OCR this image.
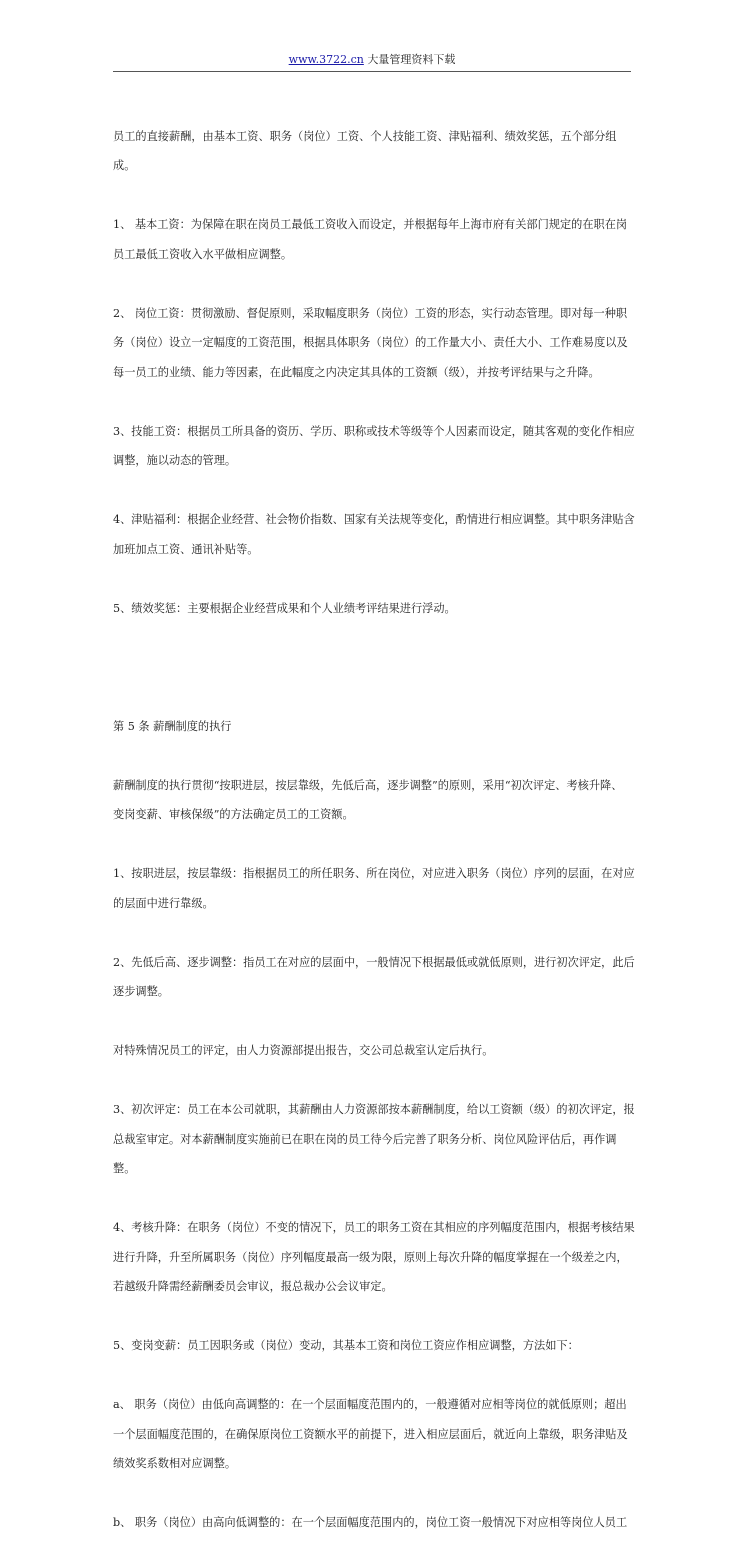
www.3722.cn 大量管理资料下载

员工的直接薪酬，由基本工资、职务（岗位）工资、个人技能工资、津贴福利、绩效奖惩，五个部分组成。

1、 基本工资：为保障在职在岗员工最低工资收入而设定，并根据每年上海市府有关部门规定的在职在岗
员工最低工资收入水平做相应调整。

2、 岗位工资：贯彻激励、督促原则，采取幅度职务（岗位）工资的形态，实行动态管理。即对每一种职
务（岗位）设立一定幅度的工资范围，根据具体职务（岗位）的工作量大小、责任大小、工作难易度以及
每一员工的业绩、能力等因素，在此幅度之内决定其具体的工资额（级），并按考评结果与之升降。

3、技能工资：根据员工所具备的资历、学历、职称或技术等级等个人因素而设定，随其客观的变化作相应
调整，施以动态的管理。

4、津贴福利：根据企业经营、社会物价指数、国家有关法规等变化，酌情进行相应调整。其中职务津贴含
加班加点工资、通讯补贴等。

5、绩效奖惩：主要根据企业经营成果和个人业绩考评结果进行浮动。

第 5 条 薪酬制度的执行

薪酬制度的执行贯彻“按职进层，按层靠级，先低后高，逐步调整”的原则，采用“初次评定、考核升降、
变岗变薪、审核保级”的方法确定员工的工资额。

1、按职进层，按层靠级：指根据员工的所任职务、所在岗位，对应进入职务（岗位）序列的层面，在对应
的层面中进行靠级。

2、先低后高、逐步调整：指员工在对应的层面中，一般情况下根据最低或就低原则，进行初次评定，此后
逐步调整。

对特殊情况员工的评定，由人力资源部提出报告，交公司总裁室认定后执行。

3、初次评定：员工在本公司就职，其薪酬由人力资源部按本薪酬制度，给以工资额（级）的初次评定，报
总裁室审定。对本薪酬制度实施前已在职在岗的员工待今后完善了职务分析、岗位风险评估后，再作调整。

4、考核升降：在职务（岗位）不变的情况下，员工的职务工资在其相应的序列幅度范围内，根据考核结果
进行升降，升至所属职务（岗位）序列幅度最高一级为限，原则上每次升降的幅度掌握在一个级差之内，
若越级升降需经薪酬委员会审议，报总裁办公会议审定。

5、变岗变薪：员工因职务或（岗位）变动，其基本工资和岗位工资应作相应调整，方法如下：

a、 职务（岗位）由低向高调整的：在一个层面幅度范围内的，一般遵循对应相等岗位的就低原则；超出
一个层面幅度范围的，在确保原岗位工资额水平的前提下，进入相应层面后，就近向上靠级，职务津贴及
绩效奖系数相对应调整。

b、 职务（岗位）由高向低调整的：在一个层面幅度范围内的，岗位工资一般情况下对应相等岗位人员工
